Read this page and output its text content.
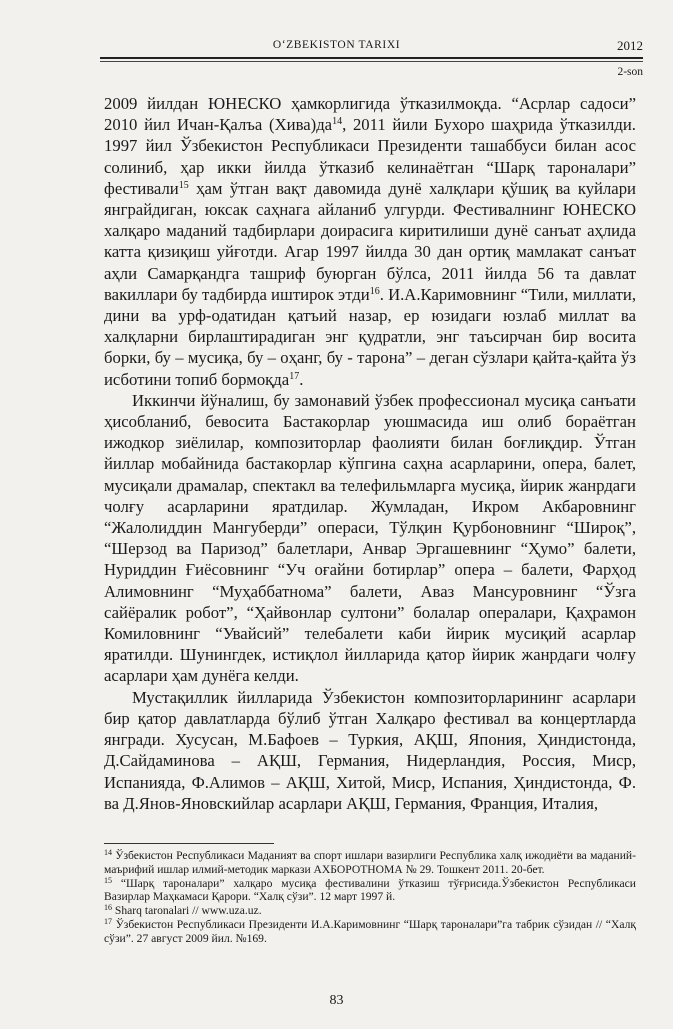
O‘ZBEKISTON TARIXI	2012
2-son

2009 йилдан ЮНЕСКО ҳамкорлигида ўтказилмоқда. “Асрлар садоси” 2010 йил Ичан-Қалъа $(Хива)да^{14}$, 2011 йили Бухоро шаҳрида ўтказилди. 1997 йил Ўзбекистон Республикаси Президенти ташаббуси билан асос солиниб, ҳар икки йилда ўтказиб келинаётган “Шарқ тароналари” фестивали$^{15}$ ҳам ўтган вақт давомида дунё халқлари қўшиқ ва куйлари янграйдиган, юксак саҳнага айланиб улгурди. Фестивалнинг ЮНЕСКО халқаро маданий тадбирлари доирасига киритилиши дунё санъат аҳлида катта қизиқиш уйғотди. Агар 1997 йилда 30 дан ортиқ мамлакат санъат аҳли Самарқандга ташриф буюрган бўлса, 2011 йилда 56 та давлат вакиллари бу тадбирда иштирок этди$^{16}$. И.А.Каримовнинг “Тили, миллати, дини ва урф-одатидан қатъий назар, ер юзидаги юзлаб миллат ва халқларни бирлаштирадиган энг қудратли, энг таъсирчан бир восита борки, бу – мусиқа, бу – оҳанг, бу - тарона” – деган сўзлари қайта-қайта ўз исботини топиб бормоқда$^{17}$.

Иккинчи йўналиш, бу замонавий ўзбек профессионал мусиқа санъати ҳисобланиб, бевосита Бастакорлар уюшмасида иш олиб бораётган ижодкор зиёлилар, композиторлар фаолияти билан боғлиқдир. Ўтган йиллар мобайнида бастакорлар кўпгина саҳна асарларини, опера, балет, мусиқали драмалар, спектакл ва телефильмларга мусиқа, йирик жанрдаги чолғу асарларини яратдилар. Жумладан, Икром Акбаровнинг “Жалолиддин Мангуберди” операси, Тўлқин Қурбоновнинг “Широқ”, “Шерзод ва Паризод” балетлари, Анвар Эргашевнинг “Ҳумо” балети, Нуриддин Ғиёсовнинг “Уч оғайни ботирлар” опера – балети, Фарҳод Алимовнинг “Муҳаббатнома” балети, Аваз Мансуровнинг “Ўзга сайёралик робот”, “Ҳайвонлар султони” болалар опералари, Қаҳрамон Комиловнинг “Увайсий” телебалети каби йирик мусиқий асарлар яратилди. Шунингдек, истиқлол йилларида қатор йирик жанрдаги чолғу асарлари ҳам дунёга келди.

Мустақиллик йилларида Ўзбекистон композиторларининг асарлари бир қатор давлатларда бўлиб ўтган Халқаро фестивал ва концертларда янгради. Хусусан, М.Бафоев – Туркия, АҚШ, Япония, Ҳиндистонда, Д.Сайдаминова – АҚШ, Германия, Нидерландия, Россия, Миср, Испанияда, Ф.Алимов – АҚШ, Хитой, Миср, Испания, Ҳиндистонда, Ф. ва Д.Янов-Яновскийлар асарлари АҚШ, Германия, Франция, Италия,

$^{14}$ Ўзбекистон Республикаси Маданият ва спорт ишлари вазирлиги Республика халқ ижодиёти ва маданий-маърифий ишлар илмий-методик маркази АХБОРОТНОМА № 29. Тошкент 2011. 20-бет.

$^{15}$ “Шарқ тароналари” халқаро мусиқа фестивалини ўтказиш тўғрисида.Ўзбекистон Республикаси Вазирлар Маҳкамаси Қарори. “Халқ сўзи”. 12 март 1997 й.

$^{16}$ Sharq taronalari // www.uza.uz.

$^{17}$ Ўзбекистон Республикаси Президенти И.А.Каримовнинг “Шарқ тароналари”га табрик сўзидан // “Халқ сўзи”. 27 август 2009 йил. №169.

83
